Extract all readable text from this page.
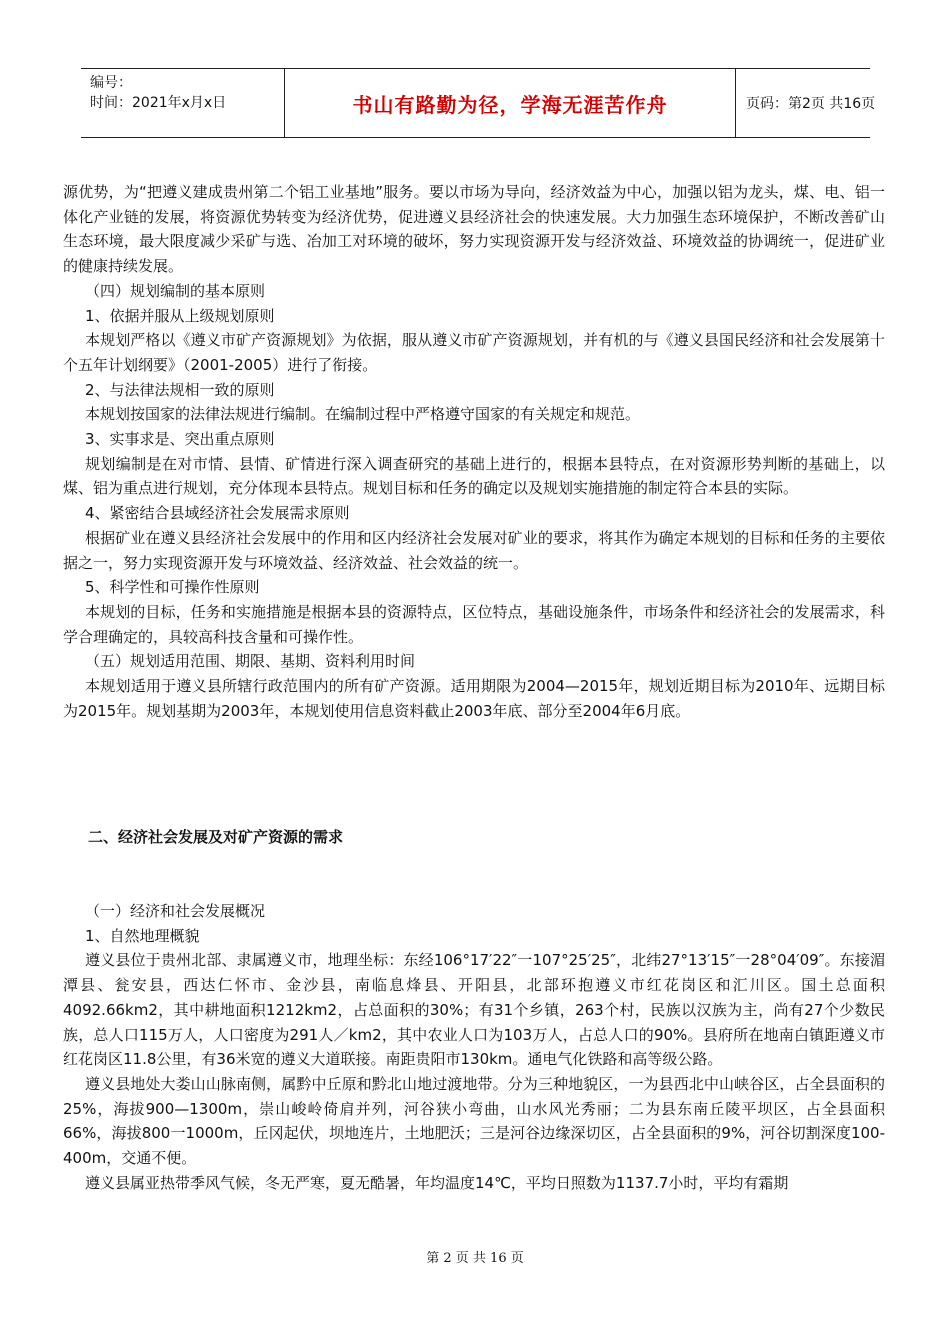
编号：
时间：2021年x月x日	书山有路勤为径，学海无涯苦作舟	页码：第2页 共16页

源优势，为“把遵义建成贵州第二个铝工业基地”服务。要以市场为导向，经济效益为中心，加强以铝为龙头，煤、电、铝一体化产业链的发展，将资源优势转变为经济优势，促进遵义县经济社会的快速发展。大力加强生态环境保护，不断改善矿山生态环境，最大限度减少采矿与选、冶加工对环境的破坏，努力实现资源开发与经济效益、环境效益的协调统一，促进矿业的健康持续发展。

（四）规划编制的基本原则

1、依据并服从上级规划原则

本规划严格以《遵义市矿产资源规划》为依据，服从遵义市矿产资源规划，并有机的与《遵义县国民经济和社会发展第十个五年计划纲要》（2001-2005）进行了衔接。

2、与法律法规相一致的原则

本规划按国家的法律法规进行编制。在编制过程中严格遵守国家的有关规定和规范。

3、实事求是、突出重点原则

规划编制是在对市情、县情、矿情进行深入调查研究的基础上进行的，根据本县特点，在对资源形势判断的基础上，以煤、铝为重点进行规划，充分体现本县特点。规划目标和任务的确定以及规划实施措施的制定符合本县的实际。

4、紧密结合县域经济社会发展需求原则

根据矿业在遵义县经济社会发展中的作用和区内经济社会发展对矿业的要求，将其作为确定本规划的目标和任务的主要依据之一，努力实现资源开发与环境效益、经济效益、社会效益的统一。

5、科学性和可操作性原则

本规划的目标，任务和实施措施是根据本县的资源特点，区位特点，基础设施条件，市场条件和经济社会的发展需求，科学合理确定的，具较高科技含量和可操作性。

（五）规划适用范围、期限、基期、资料利用时间

本规划适用于遵义县所辖行政范围内的所有矿产资源。适用期限为2004—2015年，规划近期目标为2010年、远期目标为2015年。规划基期为2003年，本规划使用信息资料截止2003年底、部分至2004年6月底。

二、经济社会发展及对矿产资源的需求

（一）经济和社会发展概况

1、自然地理概貌

遵义县位于贵州北部、隶属遵义市，地理坐标：东经106°17′22″一107°25′25″，北纬27°13′15″一28°04′09″。东接湄潭县、瓮安县，西达仁怀市、金沙县，南临息烽县、开阳县，北部环抱遵义市红花岗区和汇川区。国土总面积4092.66km2，其中耕地面积1212km2，占总面积的30%；有31个乡镇，263个村，民族以汉族为主，尚有27个少数民族，总人口115万人，人口密度为291人／km2，其中农业人口为103万人，占总人口的90%。县府所在地南白镇距遵义市红花岗区11.8公里，有36米宽的遵义大道联接。南距贵阳市130km。通电气化铁路和高等级公路。

遵义县地处大娄山山脉南侧，属黔中丘原和黔北山地过渡地带。分为三种地貌区，一为县西北中山峡谷区，占全县面积的25%，海拔900—1300m，崇山峻岭倚肩并列，河谷狭小弯曲，山水风光秀丽；二为县东南丘陵平坝区，占全县面积66%，海拔800一1000m，丘冈起伏，坝地连片，土地肥沃；三是河谷边缘深切区，占全县面积的9%，河谷切割深度100-400m，交通不便。

遵义县属亚热带季风气候，冬无严寒，夏无酷暑，年均温度14℃，平均日照数为1137.7小时，平均有霜期

第 2 页 共 16 页
